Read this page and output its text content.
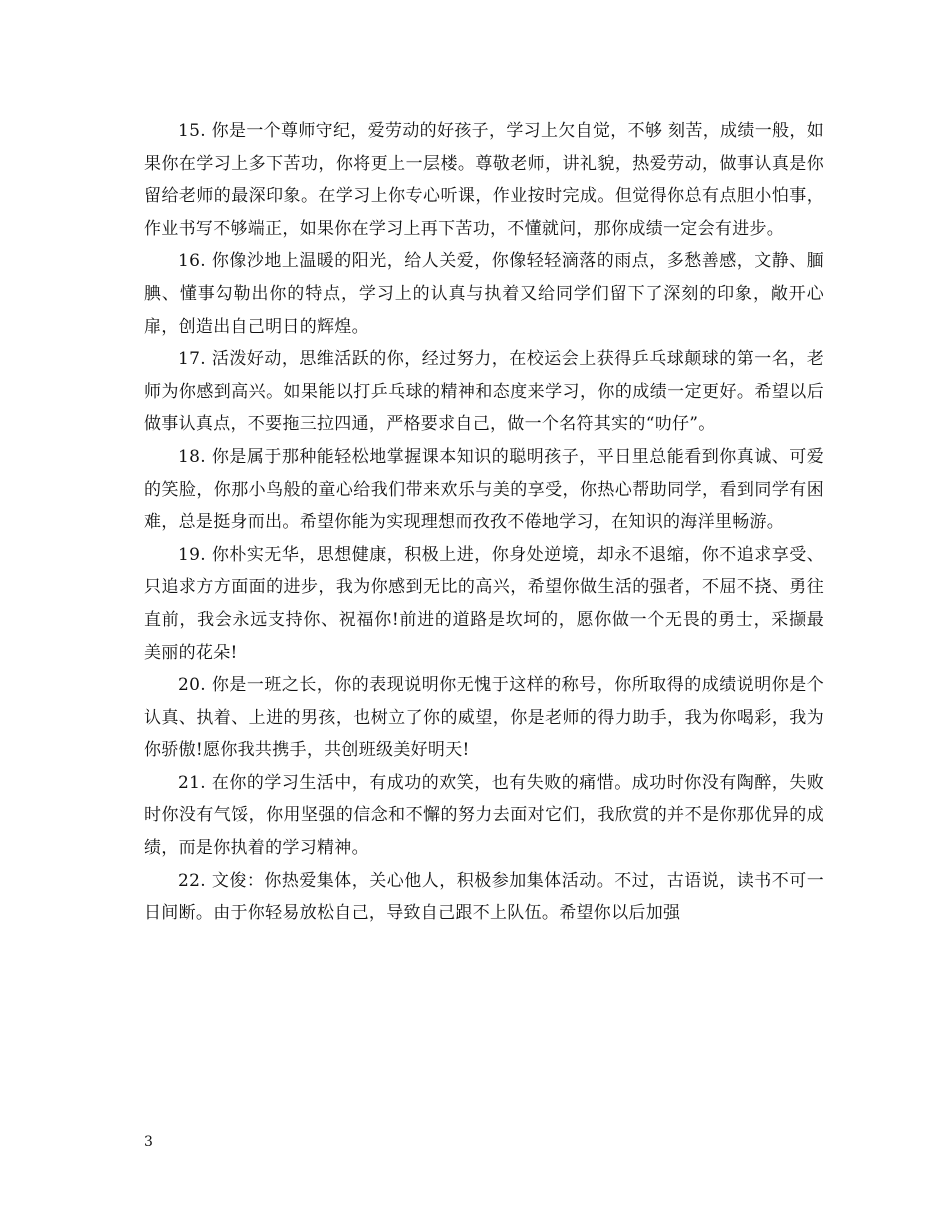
15. 你是一个尊师守纪，爱劳动的好孩子，学习上欠自觉，不够 刻苦，成绩一般，如果你在学习上多下苦功，你将更上一层楼。尊敬老师，讲礼貌，热爱劳动，做事认真是你留给老师的最深印象。在学习上你专心听课，作业按时完成。但觉得你总有点胆小怕事，作业书写不够端正，如果你在学习上再下苦功，不懂就问，那你成绩一定会有进步。

16. 你像沙地上温暖的阳光，给人关爱，你像轻轻滴落的雨点，多愁善感，文静、腼腆、懂事勾勒出你的特点，学习上的认真与执着又给同学们留下了深刻的印象，敞开心扉，创造出自己明日的辉煌。

17. 活泼好动，思维活跃的你，经过努力，在校运会上获得乒乓球颠球的第一名，老师为你感到高兴。如果能以打乒乓球的精神和态度来学习，你的成绩一定更好。希望以后做事认真点，不要拖三拉四通，严格要求自己，做一个名符其实的“叻仔”。

18. 你是属于那种能轻松地掌握课本知识的聪明孩子，平日里总能看到你真诚、可爱的笑脸，你那小鸟般的童心给我们带来欢乐与美的享受，你热心帮助同学，看到同学有困难，总是挺身而出。希望你能为实现理想而孜孜不倦地学习，在知识的海洋里畅游。

19. 你朴实无华，思想健康，积极上进，你身处逆境，却永不退缩，你不追求享受、只追求方方面面的进步，我为你感到无比的高兴，希望你做生活的强者，不屈不挠、勇往直前，我会永远支持你、祝福你!前进的道路是坎坷的，愿你做一个无畏的勇士，采撷最美丽的花朵!

20. 你是一班之长，你的表现说明你无愧于这样的称号，你所取得的成绩说明你是个认真、执着、上进的男孩，也树立了你的威望，你是老师的得力助手，我为你喝彩，我为你骄傲!愿你我共携手，共创班级美好明天!

21. 在你的学习生活中，有成功的欢笑，也有失败的痛惜。成功时你没有陶醉，失败时你没有气馁，你用坚强的信念和不懈的努力去面对它们，我欣赏的并不是你那优异的成绩，而是你执着的学习精神。

22. 文俊：你热爱集体，关心他人，积极参加集体活动。不过，古语说，读书不可一日间断。由于你轻易放松自己，导致自己跟不上队伍。希望你以后加强

3
